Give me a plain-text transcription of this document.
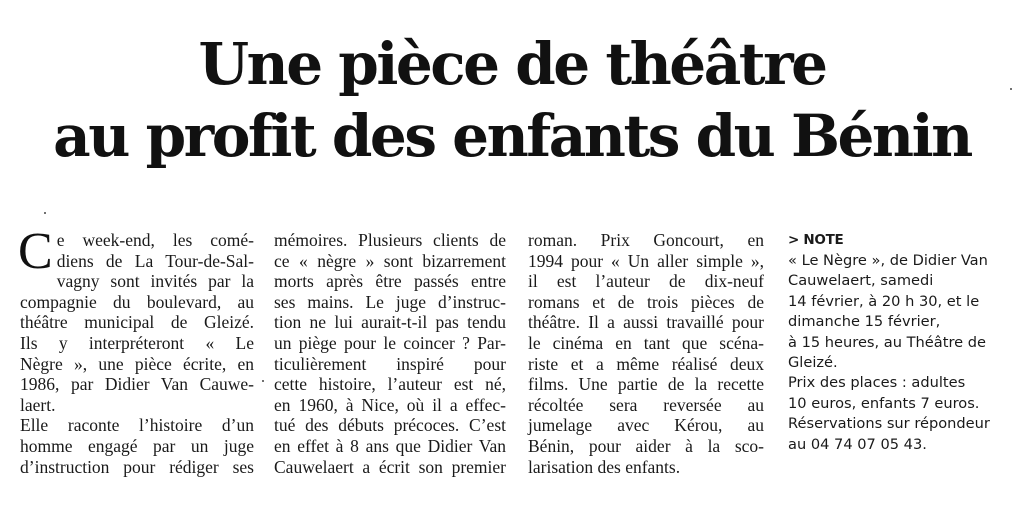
Une pièce de théâtre
au profit des enfants du Bénin
C e week-end, les comé-
diens de La Tour-de-Sal-
vagny sont invités par la
compagnie du boulevard, au
théâtre municipal de Gleizé.
Ils y interpréteront « Le
Nègre », une pièce écrite, en
1986, par Didier Van Cauwe-
laert.
Elle raconte l’histoire d’un
homme engagé par un juge
d’instruction pour rédiger ses
mémoires. Plusieurs clients de
ce « nègre » sont bizarrement
morts après être passés entre
ses mains. Le juge d’instruc-
tion ne lui aurait-t-il pas tendu
un piège pour le coincer ? Par-
ticulièrement inspiré pour
cette histoire, l’auteur est né,
en 1960, à Nice, où il a effec-
tué des débuts précoces. C’est
en effet à 8 ans que Didier Van
Cauwelaert a écrit son premier
roman. Prix Goncourt, en
1994 pour « Un aller simple »,
il est l’auteur de dix-neuf
romans et de trois pièces de
théâtre. Il a aussi travaillé pour
le cinéma en tant que scéna-
riste et a même réalisé deux
films. Une partie de la recette
récoltée sera reversée au
jumelage avec Kérou, au
Bénin, pour aider à la sco-
larisation des enfants.
> NOTE
« Le Nègre », de Didier Van
Cauwelaert, samedi
14 février, à 20 h 30, et le
dimanche 15 février,
à 15 heures, au Théâtre de
Gleizé.
Prix des places : adultes
10 euros, enfants 7 euros.
Réservations sur répondeur
au 04 74 07 05 43.
